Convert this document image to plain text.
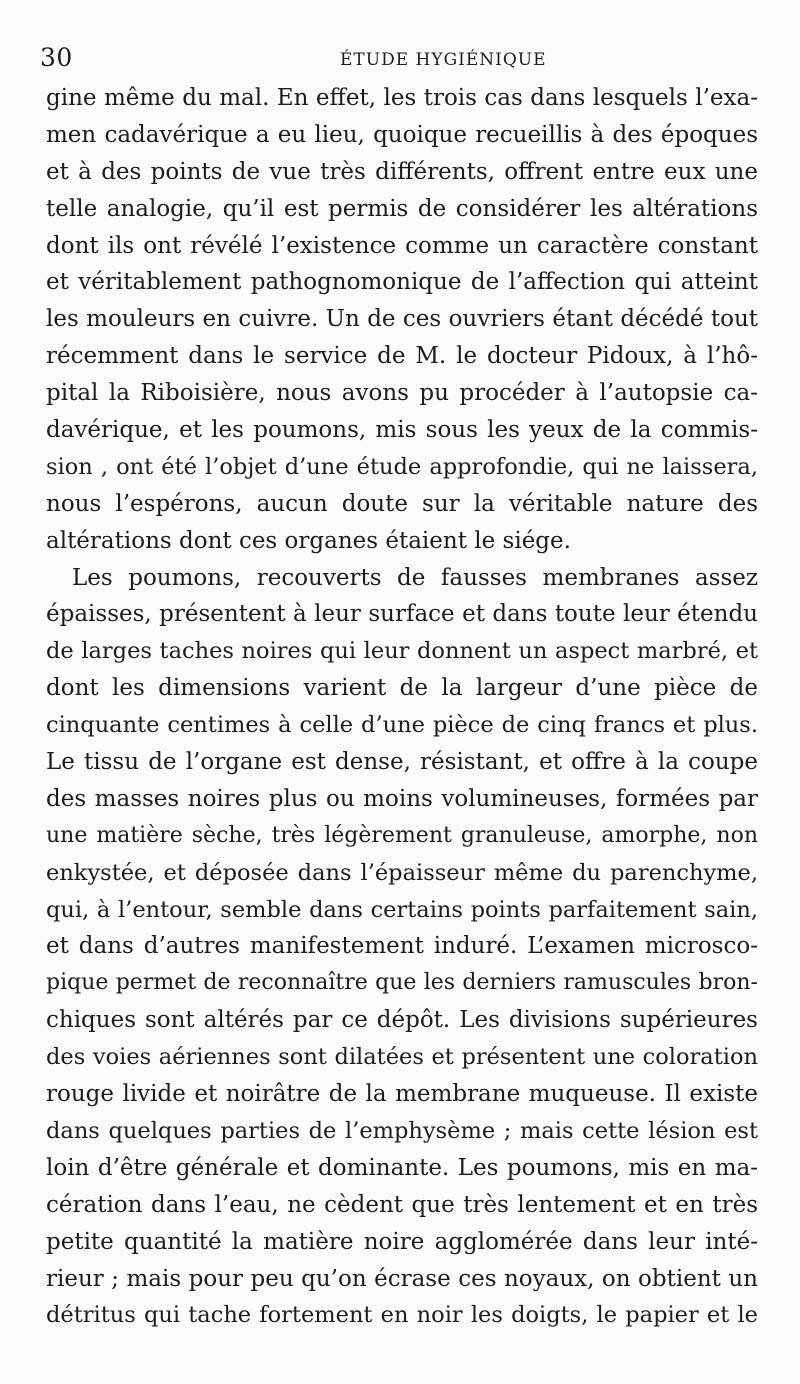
30	ÉTUDE HYGIÉNIQUE
gine même du mal. En effet, les trois cas dans lesquels l’exa-
men cadavérique a eu lieu, quoique recueillis à des époques
et à des points de vue très différents, offrent entre eux une
telle analogie, qu’il est permis de considérer les altérations
dont ils ont révélé l’existence comme un caractère constant
et véritablement pathognomonique de l’affection qui atteint
les mouleurs en cuivre. Un de ces ouvriers étant décédé tout
récemment dans le service de M. le docteur Pidoux, à l’hô-
pital la Riboisière, nous avons pu procéder à l’autopsie ca-
davérique, et les poumons, mis sous les yeux de la commis-
sion , ont été l’objet d’une étude approfondie, qui ne laissera,
nous l’espérons, aucun doute sur la véritable nature des
altérations dont ces organes étaient le siége.
Les poumons, recouverts de fausses membranes assez
épaisses, présentent à leur surface et dans toute leur étendu
de larges taches noires qui leur donnent un aspect marbré, et
dont les dimensions varient de la largeur d’une pièce de
cinquante centimes à celle d’une pièce de cinq francs et plus.
Le tissu de l’organe est dense, résistant, et offre à la coupe
des masses noires plus ou moins volumineuses, formées par
une matière sèche, très légèrement granuleuse, amorphe, non
enkystée, et déposée dans l’épaisseur même du parenchyme,
qui, à l’entour, semble dans certains points parfaitement sain,
et dans d’autres manifestement induré. L’examen microsco-
pique permet de reconnaître que les derniers ramuscules bron-
chiques sont altérés par ce dépôt. Les divisions supérieures
des voies aériennes sont dilatées et présentent une coloration
rouge livide et noirâtre de la membrane muqueuse. Il existe
dans quelques parties de l’emphysème ; mais cette lésion est
loin d’être générale et dominante. Les poumons, mis en ma-
cération dans l’eau, ne cèdent que très lentement et en très
petite quantité la matière noire agglomérée dans leur inté-
rieur ; mais pour peu qu’on écrase ces noyaux, on obtient un
détritus qui tache fortement en noir les doigts, le papier et le
